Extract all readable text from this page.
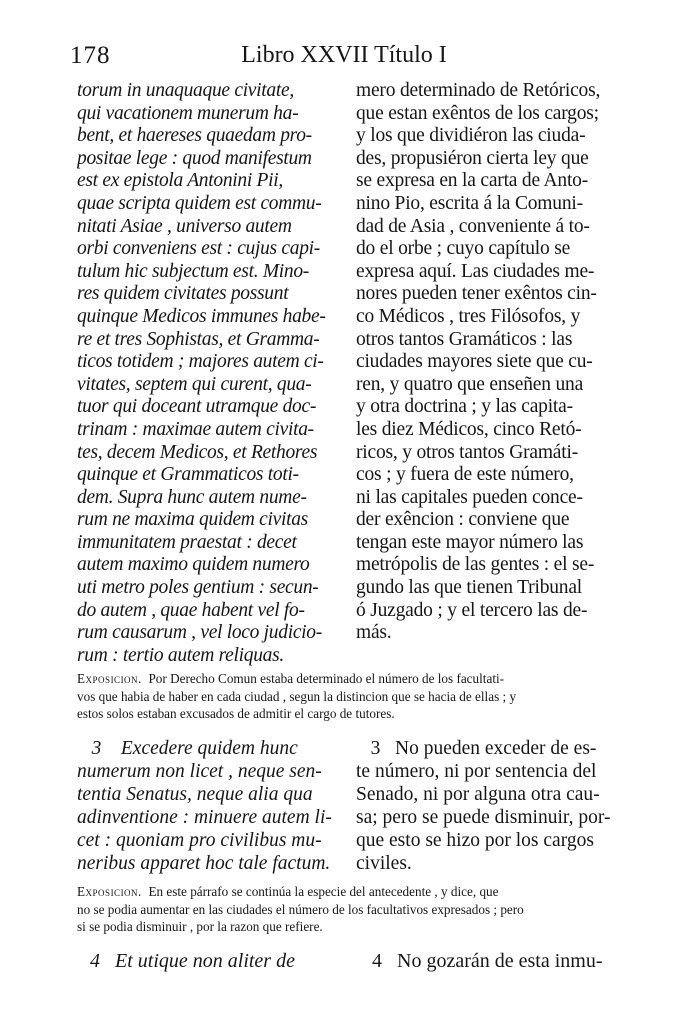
178	Libro XXVII Título I
torum in unaquaque civitate,
qui vacationem munerum ha-
bent, et haereses quaedam pro-
positae lege : quod manifestum
est ex epistola Antonini Pii,
quae scripta quidem est commu-
nitati Asiae , universo autem
orbi conveniens est : cujus capi-
tulum hic subjectum est. Mino-
res quidem civitates possunt
quinque Medicos immunes habe-
re et tres Sophistas, et Gramma-
ticos totidem ; majores autem ci-
vitates, septem qui curent, qua-
tuor qui doceant utramque doc-
trinam : maximae autem civita-
tes, decem Medicos, et Rethores
quinque et Grammaticos toti-
dem. Supra hunc autem nume-
rum ne maxima quidem civitas
immunitatem praestat : decet
autem maximo quidem numero
uti metro poles gentium : secun-
do autem , quae habent vel fo-
rum causarum , vel loco judicio-
rum : tertio autem reliquas.
mero determinado de Retóricos,
que estan exêntos de los cargos;
y los que dividiéron las ciuda-
des, propusiéron cierta ley que
se expresa en la carta de Anto-
nino Pio, escrita á la Comuni-
dad de Asia , conveniente á to-
do el orbe ; cuyo capítulo se
expresa aquí. Las ciudades me-
nores pueden tener exêntos cin-
co Médicos , tres Filósofos, y
otros tantos Gramáticos : las
ciudades mayores siete que cu-
ren, y quatro que enseñen una
y otra doctrina ; y las capita-
les diez Médicos, cinco Retó-
ricos, y otros tantos Gramáti-
cos ; y fuera de este número,
ni las capitales pueden conce-
der exêncion : conviene que
tengan este mayor número las
metrópolis de las gentes : el se-
gundo las que tienen Tribunal
ó Juzgado ; y el tercero las de-
más.
Exposicion.  Por Derecho Comun estaba determinado el número de los facultati-
vos que habia de haber en cada ciudad , segun la distincion que se hacia de ellas ; y
estos solos estaban excusados de admitir el cargo de tutores.
3    Excedere quidem hunc
numerum non licet , neque sen-
tentia Senatus, neque alia qua
adinventione : minuere autem li-
cet : quoniam pro civilibus mu-
neribus apparet hoc tale factum.
3   No pueden exceder de es-
te número, ni por sentencia del
Senado, ni por alguna otra cau-
sa; pero se puede disminuir, por-
que esto se hizo por los cargos
civiles.
Exposicion.  En este párrafo se continúa la especie del antecedente , y dice, que
no se podia aumentar en las ciudades el número de los facultativos expresados ; pero
si se podia disminuir , por la razon que refiere.
4   Et utique non aliter de	4   No gozarán de esta inmu-
